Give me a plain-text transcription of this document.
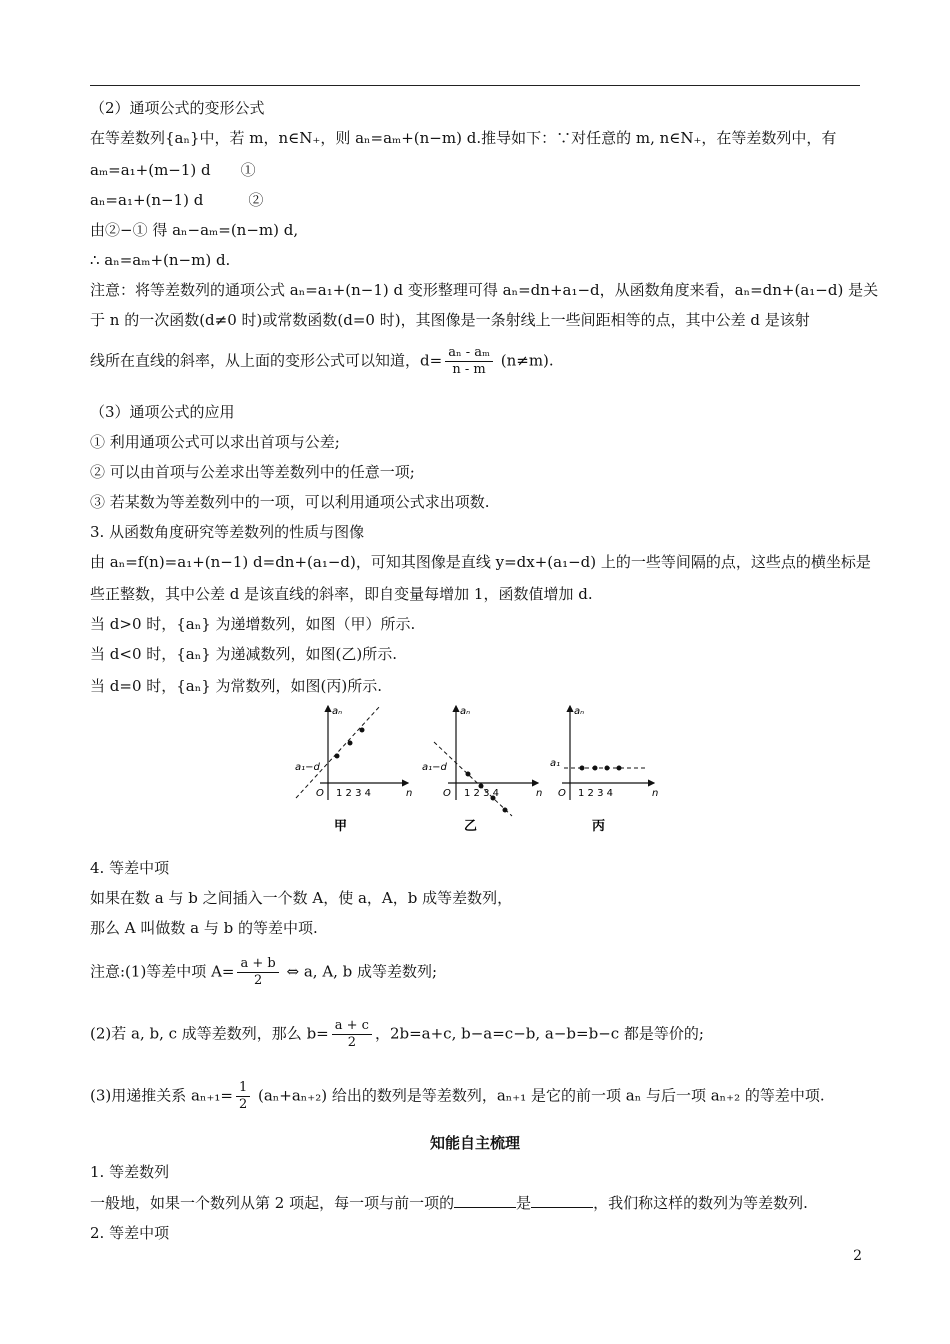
（2）通项公式的变形公式
在等差数列{aₙ}中，若 m，n∈N₊，则 aₙ=aₘ+(n−m) d.推导如下：∵对任意的 m, n∈N₊，在等差数列中，有
aₘ=a₁+(m−1) d　　①
aₙ=a₁+(n−1) d　　　②
由②−① 得 aₙ−aₘ=(n−m) d,
∴ aₙ=aₘ+(n−m) d.
注意：将等差数列的通项公式 aₙ=a₁+(n−1) d 变形整理可得 aₙ=dn+a₁−d，从函数角度来看，aₙ=dn+(a₁−d) 是关
于 n 的一次函数(d≠0 时)或常数函数(d=0 时)，其图像是一条射线上一些间距相等的点，其中公差 d 是该射
线所在直线的斜率，从上面的变形公式可以知道，$d= \frac{\text{aₙ - aₘ}}{n - m} (n\ne m)$.
（3）通项公式的应用
① 利用通项公式可以求出首项与公差;
② 可以由首项与公差求出等差数列中的任意一项;
③ 若某数为等差数列中的一项，可以利用通项公式求出项数.
3. 从函数角度研究等差数列的性质与图像
由 aₙ=f(n)=a₁+(n−1) d=dn+(a₁−d)，可知其图像是直线 y=dx+(a₁−d) 上的一些等间隔的点，这些点的横坐标是
些正整数，其中公差 d 是该直线的斜率，即自变量每增加 1，函数值增加 d.
当 d>0 时，{aₙ} 为递增数列，如图（甲）所示.
当 d<0 时，{aₙ} 为递减数列，如图(乙)所示.
当 d=0 时，{aₙ} 为常数列，如图(丙)所示.
aₙ
a₁−d
O 1 2 3 4	n
甲
aₙ
a₁−d
O 1 2 3 4	n
乙
aₙ
a₁
O 1 2 3 4	n
丙
4. 等差中项
如果在数 a 与 b 之间插入一个数 A，使 a，A，b 成等差数列，
那么 A 叫做数 a 与 b 的等差中项.
注意:(1)等差中项 $A= \frac{a + b}{2}$ ⇔ a, A, b 成等差数列;
(2)若 a, b, c 成等差数列，那么 $b= \frac{a + c}{2}$ ，2b=a+c, b−a=c−b, a−b=b−c 都是等价的;
(3)用递推关系 $a_{n+1}= \frac{1}{2} (a_n+a_{n+2})$ 给出的数列是等差数列，aₙ₊₁ 是它的前一项 aₙ 与后一项 aₙ₊₂ 的等差中项.
知能自主梳理
1. 等差数列
一般地，如果一个数列从第 2 项起，每一项与前一项的	是	，我们称这样的数列为等差数列.
2. 等差中项
2
